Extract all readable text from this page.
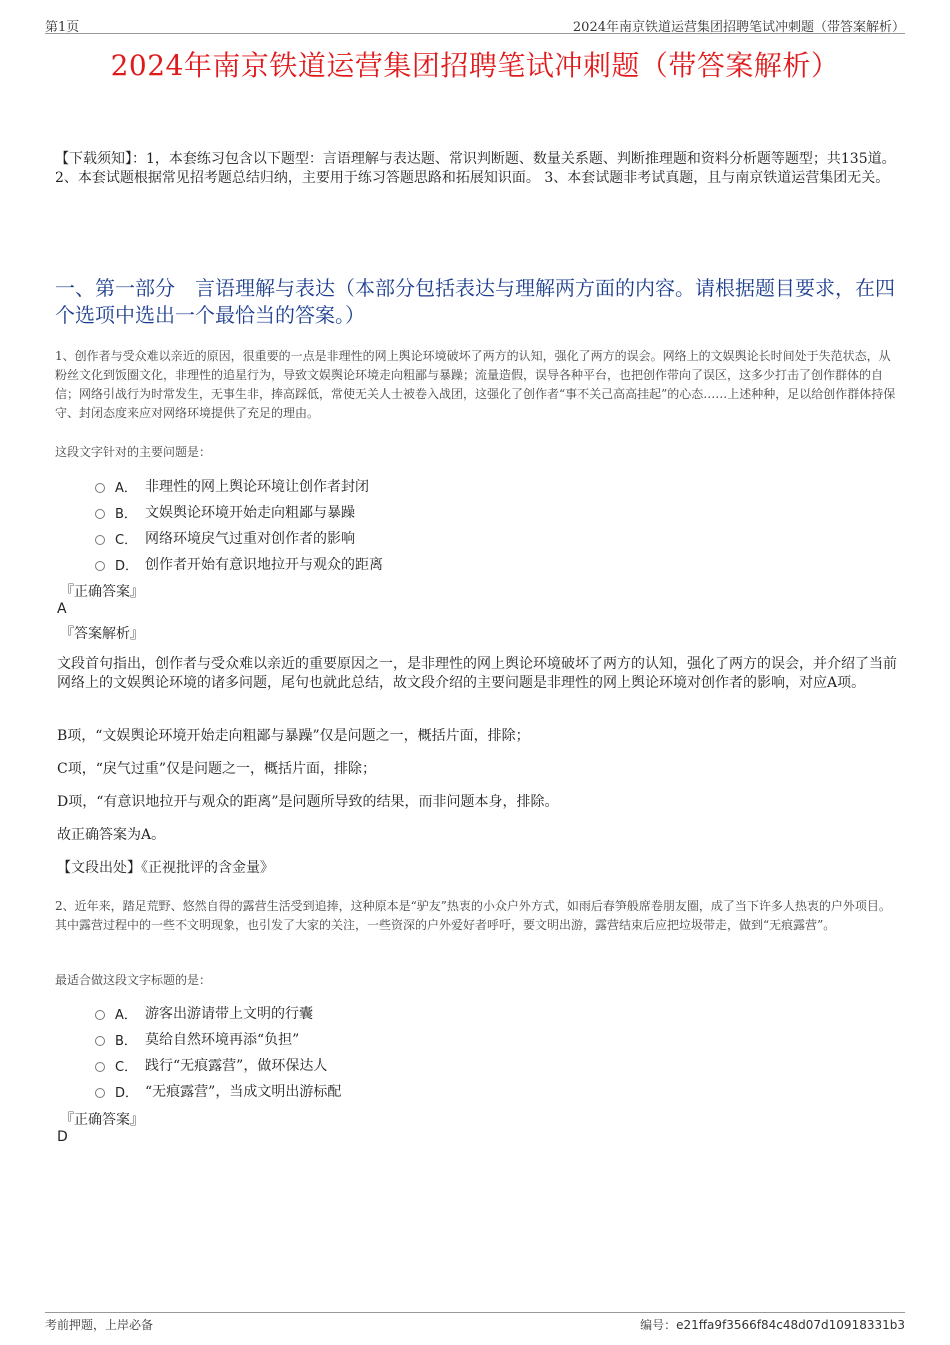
第1页	2024年南京铁道运营集团招聘笔试冲刺题（带答案解析）
2024年南京铁道运营集团招聘笔试冲刺题（带答案解析）
【下载须知】：1，本套练习包含以下题型：言语理解与表达题、常识判断题、数量关系题、判断推理题和资料分析题等题型；共135道。 2、本套试题根据常见招考题总结归纳，主要用于练习答题思路和拓展知识面。 3、本套试题非考试真题，且与南京铁道运营集团无关。
一、第一部分　言语理解与表达（本部分包括表达与理解两方面的内容。请根据题目要求，在四个选项中选出一个最恰当的答案。）
1、创作者与受众难以亲近的原因，很重要的一点是非理性的网上舆论环境破坏了两方的认知，强化了两方的误会。网络上的文娱舆论长时间处于失范状态，从粉丝文化到饭圈文化，非理性的追星行为，导致文娱舆论环境走向粗鄙与暴躁；流量造假，误导各种平台，也把创作带向了误区，这多少打击了创作群体的自信；网络引战行为时常发生，无事生非，捧高踩低，常使无关人士被卷入战团，这强化了创作者“事不关己高高挂起”的心态……上述种种，足以给创作群体持保守、封闭态度来应对网络环境提供了充足的理由。
这段文字针对的主要问题是：
A． 非理性的网上舆论环境让创作者封闭
B． 文娱舆论环境开始走向粗鄙与暴躁
C． 网络环境戾气过重对创作者的影响
D． 创作者开始有意识地拉开与观众的距离
『正确答案』
A
『答案解析』
文段首句指出，创作者与受众难以亲近的重要原因之一，是非理性的网上舆论环境破坏了两方的认知，强化了两方的误会，并介绍了当前网络上的文娱舆论环境的诸多问题，尾句也就此总结，故文段介绍的主要问题是非理性的网上舆论环境对创作者的影响，对应A项。
B项，“文娱舆论环境开始走向粗鄙与暴躁”仅是问题之一，概括片面，排除；
C项，“戾气过重”仅是问题之一，概括片面，排除；
D项，“有意识地拉开与观众的距离”是问题所导致的结果，而非问题本身，排除。
故正确答案为A。
【文段出处】《正视批评的含金量》
2、近年来，踏足荒野、悠然自得的露营生活受到追捧，这种原本是“驴友”热衷的小众户外方式，如雨后春笋般席卷朋友圈，成了当下许多人热衷的户外项目。其中露营过程中的一些不文明现象，也引发了大家的关注，一些资深的户外爱好者呼吁，要文明出游，露营结束后应把垃圾带走，做到“无痕露营”。
最适合做这段文字标题的是：
A． 游客出游请带上文明的行囊
B． 莫给自然环境再添“负担”
C． 践行“无痕露营”，做环保达人
D． “无痕露营”，当成文明出游标配
『正确答案』
D
考前押题，上岸必备	编号：e21ffa9f3566f84c48d07d10918331b3
